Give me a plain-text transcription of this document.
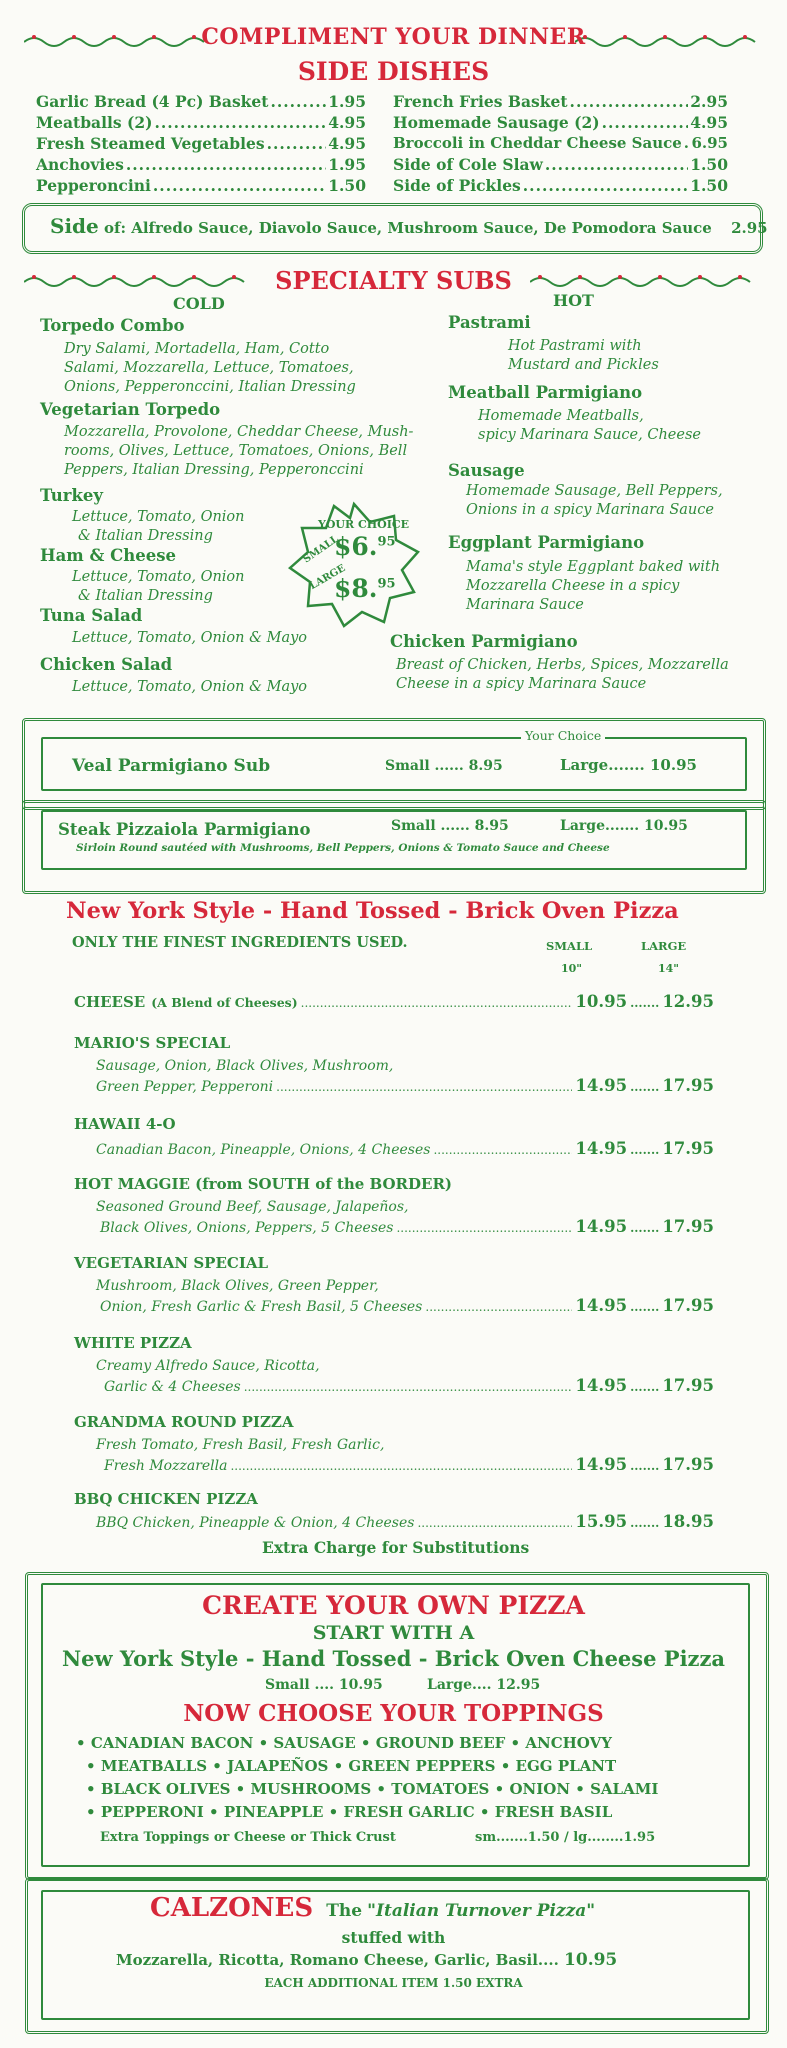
COMPLIMENT YOUR DINNER
SIDE DISHES
Garlic Bread (4 Pc) Basket .....	1.95
Meatballs (2) .....	4.95
Fresh Steamed Vegetables .....	4.95
Anchovies .....	1.95
Pepperoncini .....	1.50
French Fries Basket .....	2.95
Homemade Sausage (2) .....	4.95
Broccoli in Cheddar Cheese Sauce ..... 6.95
Side of Cole Slaw .....	1.50
Side of Pickles .....	1.50
Side of: Alfredo Sauce, Diavolo Sauce, Mushroom Sauce, De Pomodora Sauce 2.95
SPECIALTY SUBS
COLD	HOT
Torpedo Combo
Dry Salami, Mortadella, Ham, Cotto
Salami, Mozzarella, Lettuce, Tomatoes,
Onions, Pepperonccini, Italian Dressing
Vegetarian Torpedo
Mozzarella, Provolone, Cheddar Cheese, Mush-
rooms, Olives, Lettuce, Tomatoes, Onions, Bell
Peppers, Italian Dressing, Pepperonccini
Turkey
Lettuce, Tomato, Onion
& Italian Dressing
Ham & Cheese
Lettuce, Tomato, Onion
& Italian Dressing
Tuna Salad
Lettuce, Tomato, Onion & Mayo
Chicken Salad
Lettuce, Tomato, Onion & Mayo
YOUR CHOICE
SMALL
$6.95
LARGE
$8.95
Pastrami
Hot Pastrami with
Mustard and Pickles
Meatball Parmigiano
Homemade Meatballs,
spicy Marinara Sauce, Cheese
Sausage
Homemade Sausage, Bell Peppers,
Onions in a spicy Marinara Sauce
Eggplant Parmigiano
Mama's style Eggplant baked with
Mozzarella Cheese in a spicy
Marinara Sauce
Chicken Parmigiano
Breast of Chicken, Herbs, Spices, Mozzarella
Cheese in a spicy Marinara Sauce
Your Choice
Veal Parmigiano Sub	Small ...... 8.95	Large....... 10.95
Steak Pizzaiola Parmigiano	Small ...... 8.95	Large....... 10.95
Sirloin Round sautéed with Mushrooms, Bell Peppers, Onions & Tomato Sauce and Cheese
New York Style - Hand Tossed - Brick Oven Pizza
ONLY THE FINEST INGREDIENTS USED.	SMALL	LARGE
10"	14"
CHEESE (A Blend of Cheeses) .....	10.95 ....... 12.95
MARIO'S SPECIAL
Sausage, Onion, Black Olives, Mushroom,
Green Pepper, Pepperoni .....	14.95 ....... 17.95
HAWAII 4-O
Canadian Bacon, Pineapple, Onions, 4 Cheeses .....	14.95 ....... 17.95
HOT MAGGIE (from SOUTH of the BORDER)
Seasoned Ground Beef, Sausage, Jalapeños,
Black Olives, Onions, Peppers, 5 Cheeses .....	14.95 ....... 17.95
VEGETARIAN SPECIAL
Mushroom, Black Olives, Green Pepper,
Onion, Fresh Garlic & Fresh Basil, 5 Cheeses .....	14.95 ....... 17.95
WHITE PIZZA
Creamy Alfredo Sauce, Ricotta,
Garlic & 4 Cheeses .....	14.95 ....... 17.95
GRANDMA ROUND PIZZA
Fresh Tomato, Fresh Basil, Fresh Garlic,
Fresh Mozzarella .....	14.95 ....... 17.95
BBQ CHICKEN PIZZA
BBQ Chicken, Pineapple & Onion, 4 Cheeses .....	15.95 ....... 18.95
Extra Charge for Substitutions
CREATE YOUR OWN PIZZA
START WITH A
New York Style - Hand Tossed - Brick Oven Cheese Pizza
Small .... 10.95	Large.... 12.95
NOW CHOOSE YOUR TOPPINGS
• CANADIAN BACON • SAUSAGE • GROUND BEEF • ANCHOVY
• MEATBALLS • JALAPEÑOS • GREEN PEPPERS • EGG PLANT
• BLACK OLIVES • MUSHROOMS • TOMATOES • ONION • SALAMI
• PEPPERONI • PINEAPPLE • FRESH GARLIC • FRESH BASIL
Extra Toppings or Cheese or Thick Crust	sm.......1.50 / lg........1.95
CALZONES The "Italian Turnover Pizza"
stuffed with
Mozzarella, Ricotta, Romano Cheese, Garlic, Basil.... 10.95
EACH ADDITIONAL ITEM 1.50 EXTRA
